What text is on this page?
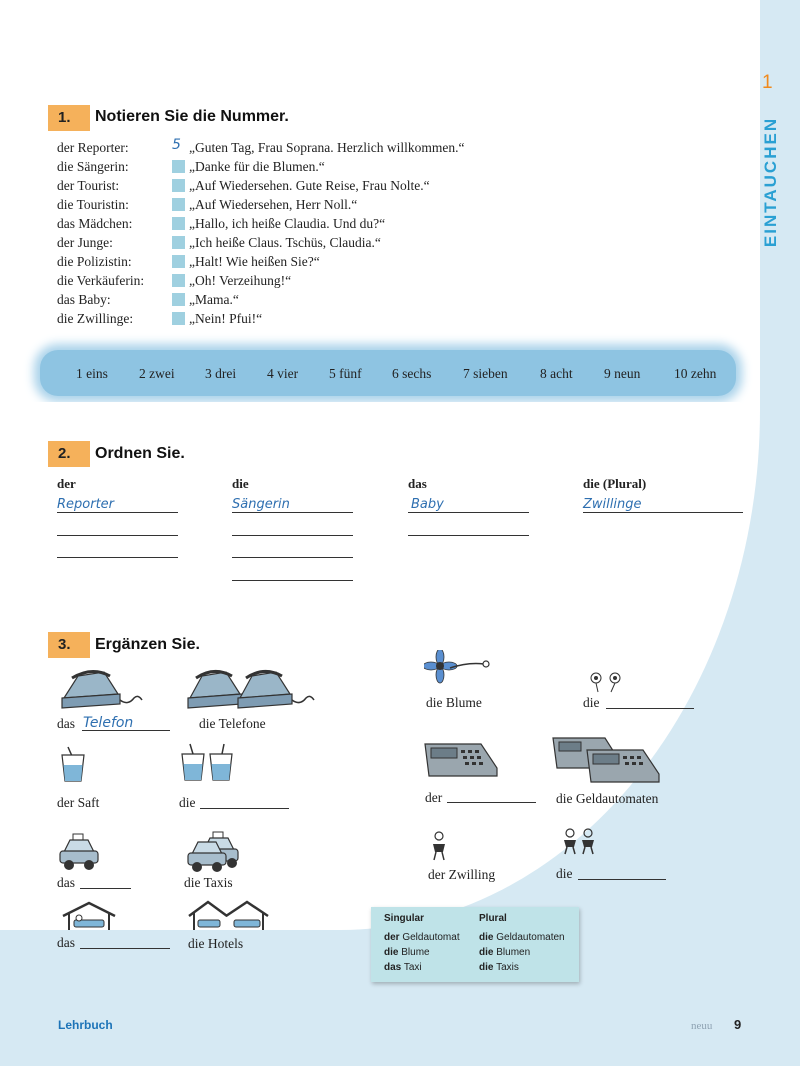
1
EINTAUCHEN
1.	Notieren Sie die Nummer.
der Reporter:	5 „Guten Tag, Frau Soprana. Herzlich willkommen.“
die Sängerin:	„Danke für die Blumen.“
der Tourist:	„Auf Wiedersehen. Gute Reise, Frau Nolte.“
die Touristin:	„Auf Wiedersehen, Herr Noll.“
das Mädchen:	„Hallo, ich heiße Claudia. Und du?“
der Junge:	„Ich heiße Claus. Tschüs, Claudia.“
die Polizistin:	„Halt! Wie heißen Sie?“
die Verkäuferin:	„Oh! Verzeihung!“
das Baby:	„Mama.“
die Zwillinge:	„Nein! Pfui!“
1 eins 2 zwei 3 drei 4 vier 5 fünf 6 sechs 7 sieben 8 acht 9 neun 10 zehn
2.	Ordnen Sie.
der	die	das	die (Plural)
Reporter	Sängerin	Baby	Zwillinge
3.	Ergänzen Sie.
das Telefon	die Telefone
der Saft	die
das	die Taxis
das	die Hotels
die Blume	die
der	die Geldautomaten
der Zwilling	die
Singular	Plural
der Geldautomat die Geldautomaten
die Blume	die Blumen
das Taxi	die Taxis
Lehrbuch	neuu 9
